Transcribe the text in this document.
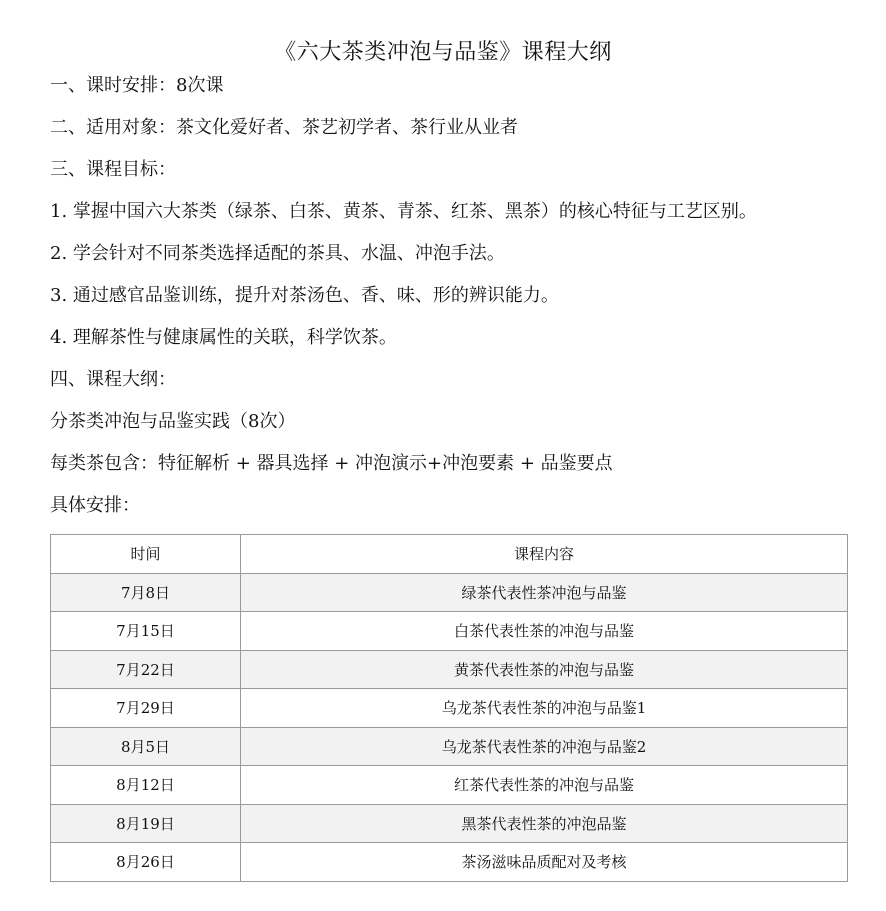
《六大茶类冲泡与品鉴》课程大纲
一、课时安排：8次课
二、适用对象：茶文化爱好者、茶艺初学者、茶行业从业者
三、课程目标：
1. 掌握中国六大茶类（绿茶、白茶、黄茶、青茶、红茶、黑茶）的核心特征与工艺区别。
2. 学会针对不同茶类选择适配的茶具、水温、冲泡手法。
3. 通过感官品鉴训练，提升对茶汤色、香、味、形的辨识能力。
4. 理解茶性与健康属性的关联，科学饮茶。
四、课程大纲：
分茶类冲泡与品鉴实践（8次）
每类茶包含：特征解析 + 器具选择 + 冲泡演示+冲泡要素 + 品鉴要点
具体安排：
时间	课程内容
7月8日	绿茶代表性茶冲泡与品鉴
7月15日	白茶代表性茶的冲泡与品鉴
7月22日	黄茶代表性茶的冲泡与品鉴
7月29日	乌龙茶代表性茶的冲泡与品鉴1
8月5日	乌龙茶代表性茶的冲泡与品鉴2
8月12日	红茶代表性茶的冲泡与品鉴
8月19日	黑茶代表性茶的冲泡品鉴
8月26日	茶汤滋味品质配对及考核
